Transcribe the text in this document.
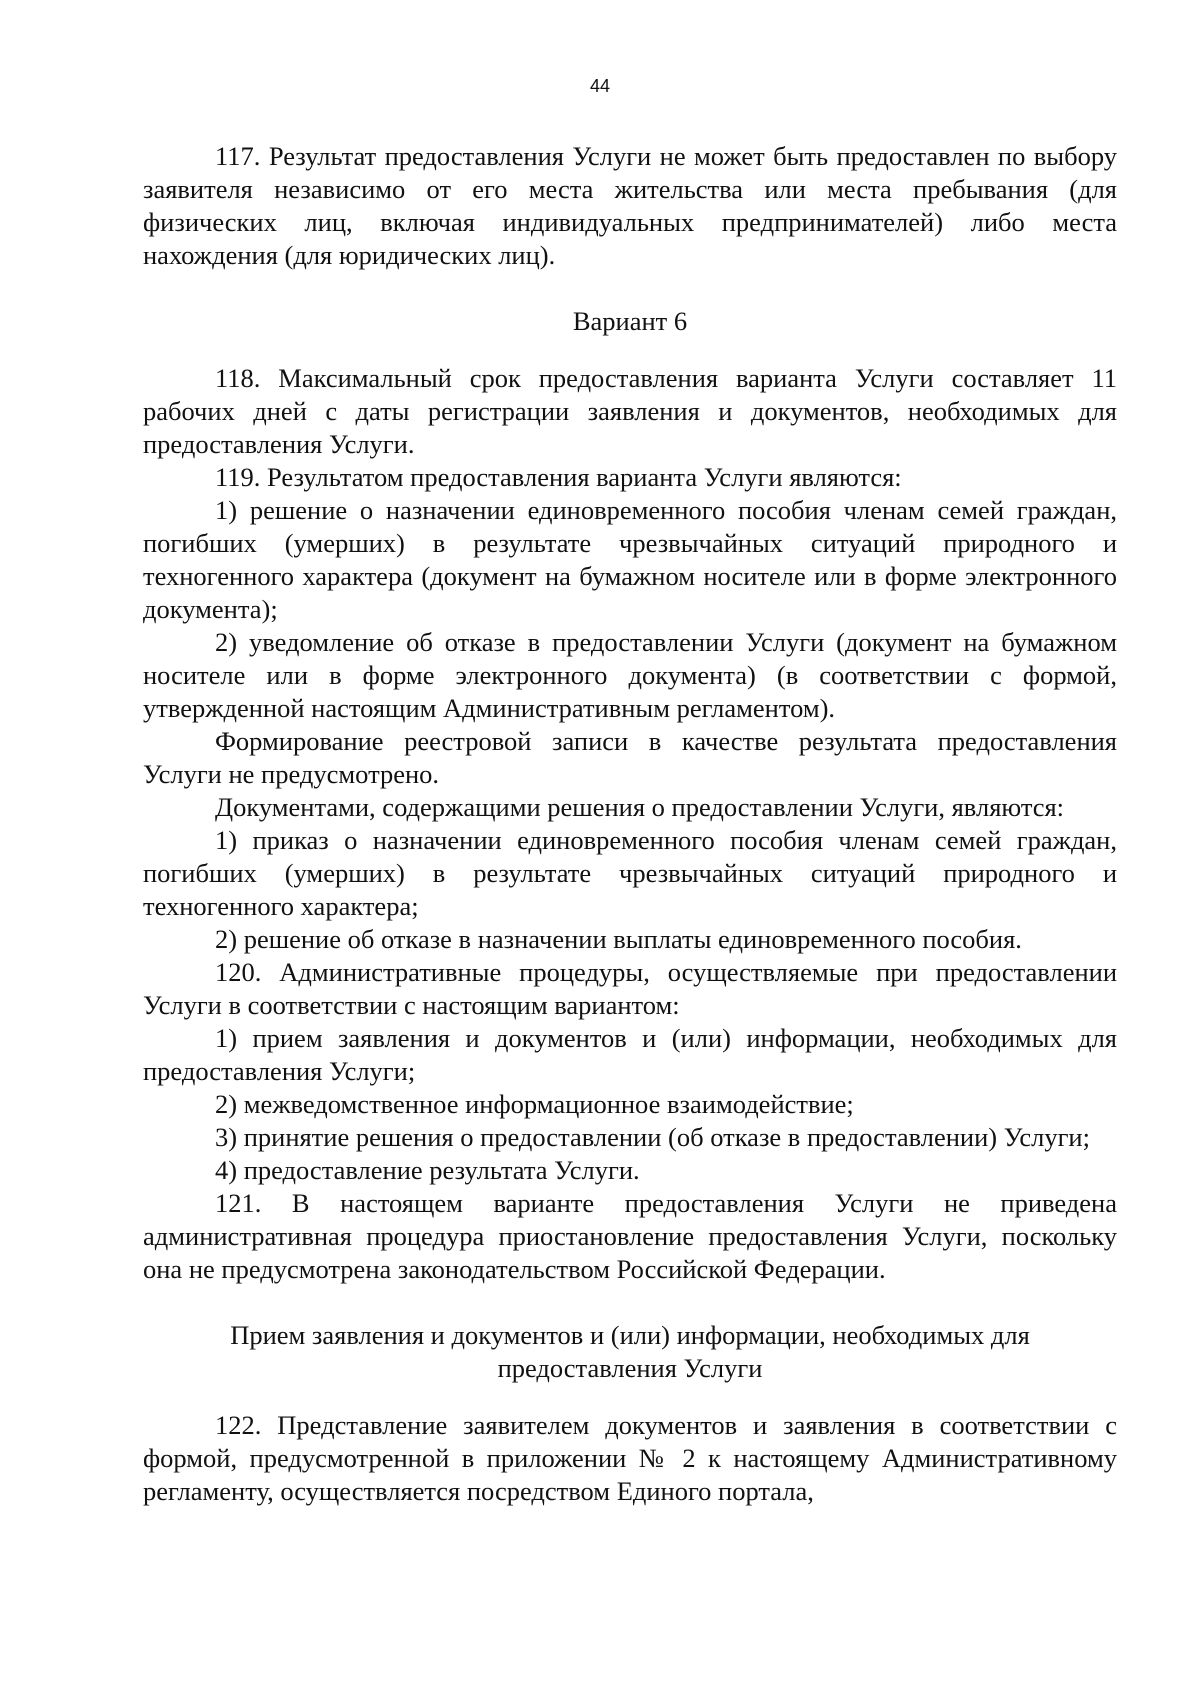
44

117. Результат предоставления Услуги не может быть предоставлен по выбору заявителя независимо от его места жительства или места пребывания (для физических лиц, включая индивидуальных предпринимателей) либо места нахождения (для юридических лиц).

Вариант 6

118. Максимальный срок предоставления варианта Услуги составляет 11 рабочих дней с даты регистрации заявления и документов, необходимых для предоставления Услуги.

119. Результатом предоставления варианта Услуги являются:

1) решение о назначении единовременного пособия членам семей граждан, погибших (умерших) в результате чрезвычайных ситуаций природного и техногенного характера (документ на бумажном носителе или в форме электронного документа);

2) уведомление об отказе в предоставлении Услуги (документ на бумажном носителе или в форме электронного документа) (в соответствии с формой, утвержденной настоящим Административным регламентом).

Формирование реестровой записи в качестве результата предоставления Услуги не предусмотрено.

Документами, содержащими решения о предоставлении Услуги, являются:

1) приказ о назначении единовременного пособия членам семей граждан, погибших (умерших) в результате чрезвычайных ситуаций природного и техногенного характера;

2) решение об отказе в назначении выплаты единовременного пособия.

120. Административные процедуры, осуществляемые при предоставлении Услуги в соответствии с настоящим вариантом:

1) прием заявления и документов и (или) информации, необходимых для предоставления Услуги;

2) межведомственное информационное взаимодействие;

3) принятие решения о предоставлении (об отказе в предоставлении) Услуги;

4) предоставление результата Услуги.

121. В настоящем варианте предоставления Услуги не приведена административная процедура приостановление предоставления Услуги, поскольку она не предусмотрена законодательством Российской Федерации.

Прием заявления и документов и (или) информации, необходимых для предоставления Услуги

122. Представление заявителем документов и заявления в соответствии с формой, предусмотренной в приложении № 2 к настоящему Административному регламенту, осуществляется посредством Единого портала,
